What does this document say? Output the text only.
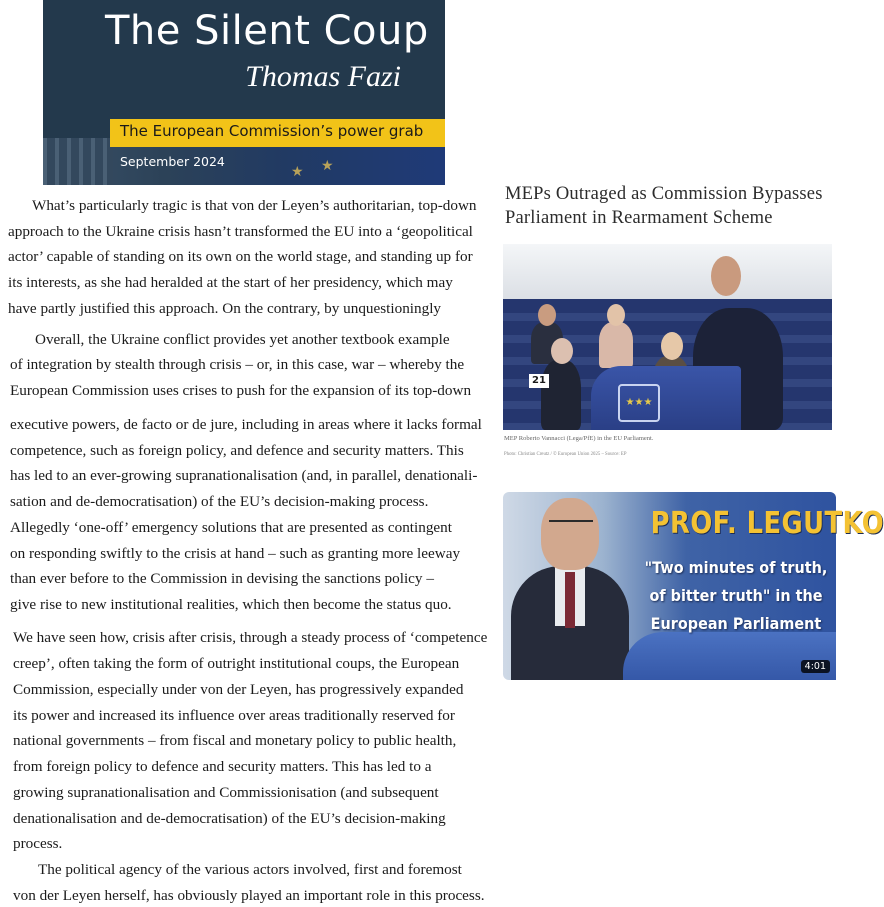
★ ★
The Silent Coup
Thomas Fazi
The European Commission’s power grab
September 2024
What’s particularly tragic is that von der Leyen’s authoritarian, top-down
approach to the Ukraine crisis hasn’t transformed the EU into a ‘geopolitical
actor’ capable of standing on its own on the world stage, and standing up for
its interests, as she had heralded at the start of her presidency, which may
have partly justified this approach. On the contrary, by unquestioningly
Overall, the Ukraine conflict provides yet another textbook example
of integration by stealth through crisis – or, in this case, war – whereby the
European Commission uses crises to push for the expansion of its top-down
executive powers, de facto or de jure, including in areas where it lacks formal
competence, such as foreign policy, and defence and security matters. This
has led to an ever-growing supranationalisation (and, in parallel, denationali-
sation and de-democratisation) of the EU’s decision-making process.
Allegedly ‘one-off’ emergency solutions that are presented as contingent
on responding swiftly to the crisis at hand – such as granting more leeway
than ever before to the Commission in devising the sanctions policy –
give rise to new institutional realities, which then become the status quo.
We have seen how, crisis after crisis, through a steady process of ‘competence
creep’, often taking the form of outright institutional coups, the European
Commission, especially under von der Leyen, has progressively expanded
its power and increased its influence over areas traditionally reserved for
national governments – from fiscal and monetary policy to public health,
from foreign policy to defence and security matters. This has led to a
growing supranationalisation and Commissionisation (and subsequent
denationalisation and de-democratisation) of the EU’s decision-making
process.
The political agency of the various actors involved, first and foremost
von der Leyen herself, has obviously played an important role in this process.
MEPs Outraged as Commission Bypasses
Parliament in Rearmament Scheme
★★★
21
MEP Roberto Vannacci (Lega/PfE) in the EU Parliament.
Photo: Christian Creutz / © European Union 2025 – Source: EP
PROF. LEGUTKO
"Two minutes of truth,
of bitter truth" in the
European Parliament
4:01
